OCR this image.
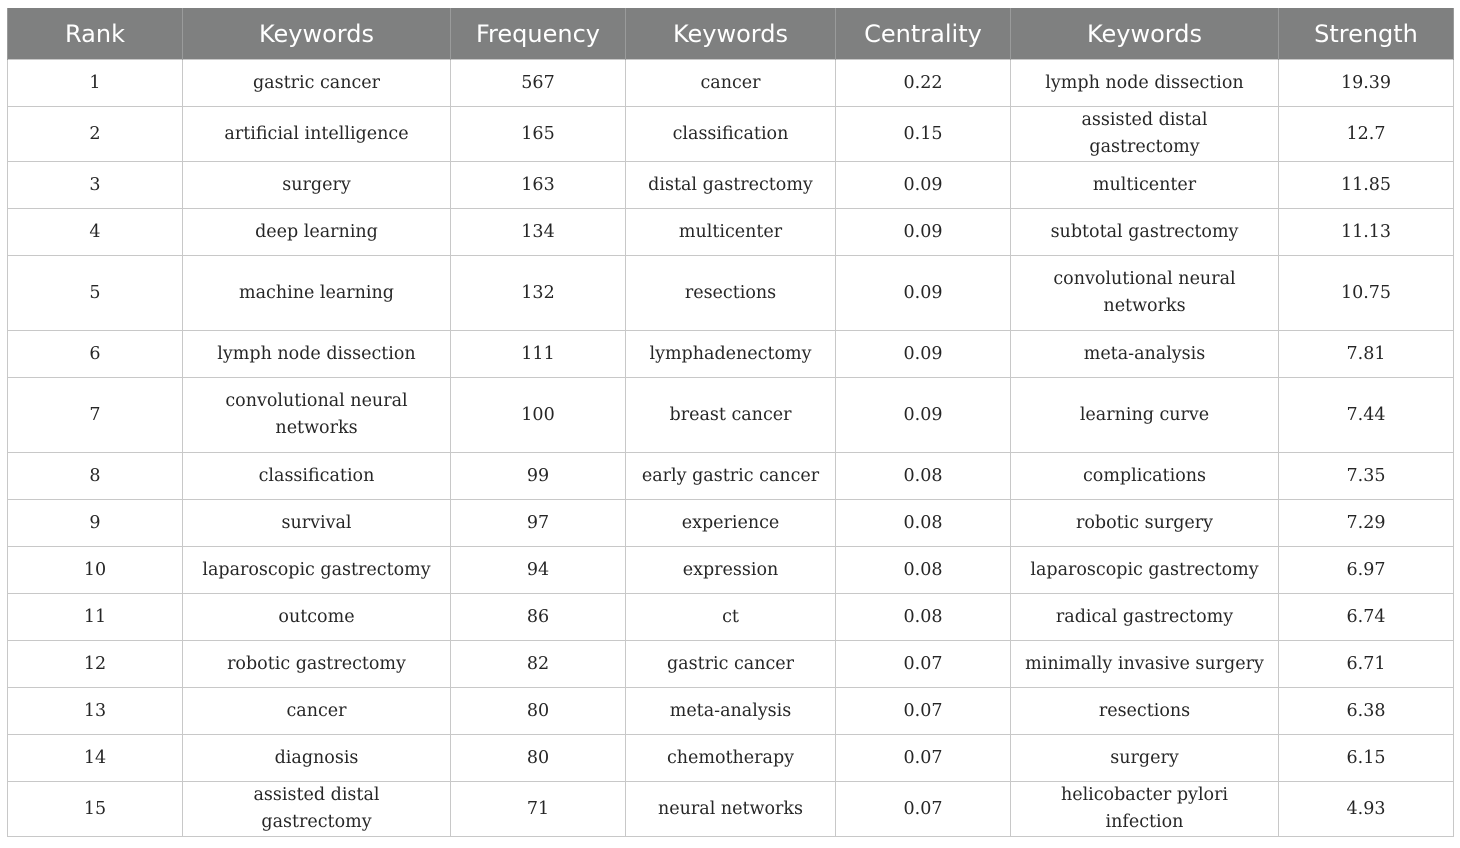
Rank	Keywords	Frequency	Keywords	Centrality	Keywords	Strength
1	gastric cancer	567	cancer	0.22	lymph node dissection	19.39
2	artificial intelligence	165	classification	0.15	assisted distal gastrectomy	12.7
3	surgery	163	distal gastrectomy	0.09	multicenter	11.85
4	deep learning	134	multicenter	0.09	subtotal gastrectomy	11.13
5	machine learning	132	resections	0.09	convolutional neural networks	10.75
6	lymph node dissection	111	lymphadenectomy	0.09	meta-analysis	7.81
7	convolutional neural networks	100	breast cancer	0.09	learning curve	7.44
8	classification	99	early gastric cancer	0.08	complications	7.35
9	survival	97	experience	0.08	robotic surgery	7.29
10	laparoscopic gastrectomy	94	expression	0.08	laparoscopic gastrectomy	6.97
11	outcome	86	ct	0.08	radical gastrectomy	6.74
12	robotic gastrectomy	82	gastric cancer	0.07	minimally invasive surgery	6.71
13	cancer	80	meta-analysis	0.07	resections	6.38
14	diagnosis	80	chemotherapy	0.07	surgery	6.15
15	assisted distal gastrectomy	71	neural networks	0.07	helicobacter pylori infection	4.93
